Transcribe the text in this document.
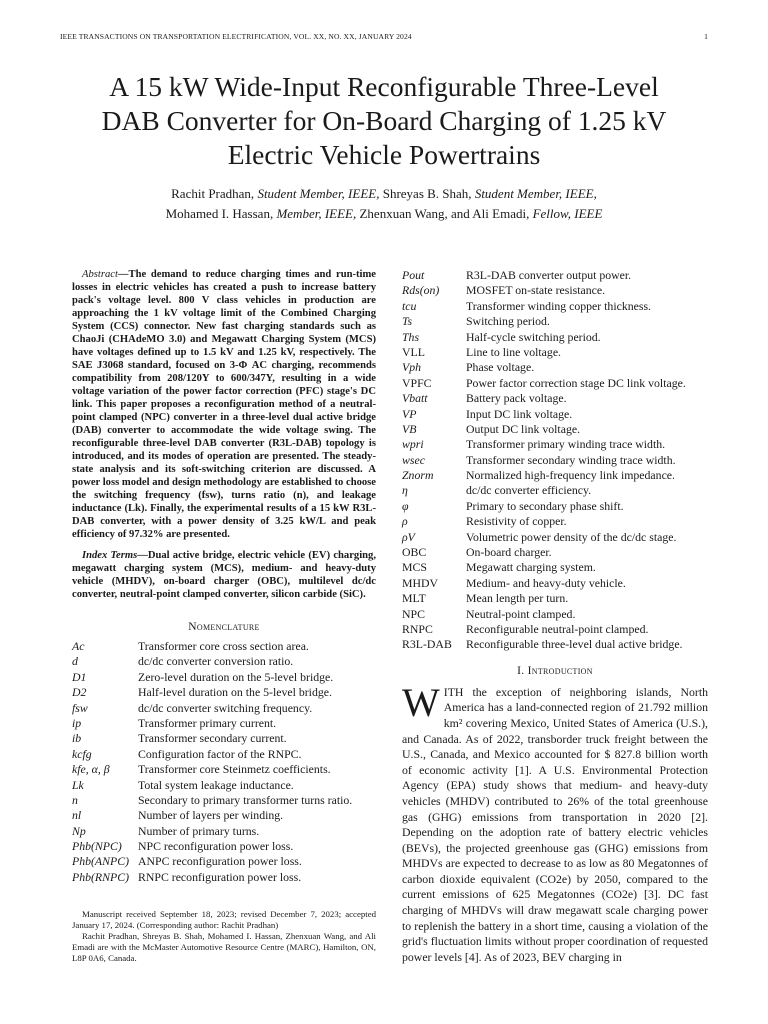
IEEE TRANSACTIONS ON TRANSPORTATION ELECTRIFICATION, VOL. XX, NO. XX, JANUARY 2024	1
A 15 kW Wide-Input Reconfigurable Three-Level
DAB Converter for On-Board Charging of 1.25 kV
Electric Vehicle Powertrains
Rachit Pradhan, Student Member, IEEE, Shreyas B. Shah, Student Member, IEEE,
Mohamed I. Hassan, Member, IEEE, Zhenxuan Wang, and Ali Emadi, Fellow, IEEE

Abstract—The demand to reduce charging times and run-time losses in electric vehicles has created a push to increase battery pack's voltage level. 800 V class vehicles in production are approaching the 1 kV voltage limit of the Combined Charging System (CCS) connector. New fast charging standards such as ChaoJi (CHAdeMO 3.0) and Megawatt Charging System (MCS) have voltages defined up to 1.5 kV and 1.25 kV, respectively. The SAE J3068 standard, focused on 3-Φ AC charging, recommends compatibility from 208/120Y to 600/347Y, resulting in a wide voltage variation of the power factor correction (PFC) stage's DC link. This paper proposes a reconfiguration method of a neutral-point clamped (NPC) converter in a three-level dual active bridge (DAB) converter to accommodate the wide voltage swing. The reconfigurable three-level DAB converter (R3L-DAB) topology is introduced, and its modes of operation are presented. The steady-state analysis and its soft-switching criterion are discussed. A power loss model and design methodology are established to choose the switching frequency (fsw), turns ratio (n), and leakage inductance (Lk). Finally, the experimental results of a 15 kW R3L-DAB converter, with a power density of 3.25 kW/L and peak efficiency of 97.32% are presented.

Index Terms—Dual active bridge, electric vehicle (EV) charging, megawatt charging system (MCS), medium- and heavy-duty vehicle (MHDV), on-board charger (OBC), multilevel dc/dc converter, neutral-point clamped converter, silicon carbide (SiC).

Nomenclature
Ac	Transformer core cross section area.
d	dc/dc converter conversion ratio.
D1	Zero-level duration on the 5-level bridge.
D2	Half-level duration on the 5-level bridge.
fsw	dc/dc converter switching frequency.
ip	Transformer primary current.
ib	Transformer secondary current.
kcfg	Configuration factor of the RNPC.
kfe, α, β	Transformer core Steinmetz coefficients.
Lk	Total system leakage inductance.
n	Secondary to primary transformer turns ratio.
nl	Number of layers per winding.
Np	Number of primary turns.
Phb(NPC)	NPC reconfiguration power loss.
Phb(ANPC) ANPC reconfiguration power loss.
Phb(RNPC) RNPC reconfiguration power loss.

Manuscript received September 18, 2023; revised December 7, 2023; accepted January 17, 2024. (Corresponding author: Rachit Pradhan)

Rachit Pradhan, Shreyas B. Shah, Mohamed I. Hassan, Zhenxuan Wang, and Ali Emadi are with the McMaster Automotive Resource Centre (MARC), Hamilton, ON, L8P 0A6, Canada.

Pout	R3L-DAB converter output power.
Rds(on)	MOSFET on-state resistance.
tcu	Transformer winding copper thickness.
Ts	Switching period.
Ths	Half-cycle switching period.
VLL	Line to line voltage.
Vph	Phase voltage.
VPFC	Power factor correction stage DC link voltage.
Vbatt	Battery pack voltage.
VP	Input DC link voltage.
VB	Output DC link voltage.
wpri	Transformer primary winding trace width.
wsec	Transformer secondary winding trace width.
Znorm	Normalized high-frequency link impedance.
η	dc/dc converter efficiency.
φ	Primary to secondary phase shift.
ρ	Resistivity of copper.
ρV	Volumetric power density of the dc/dc stage.
OBC	On-board charger.
MCS	Megawatt charging system.
MHDV	Medium- and heavy-duty vehicle.
MLT	Mean length per turn.
NPC	Neutral-point clamped.
RNPC	Reconfigurable neutral-point clamped.
R3L-DAB	Reconfigurable three-level dual active bridge.
I. Introduction

WITH the exception of neighboring islands, North America has a land-connected region of 21.792 million km² covering Mexico, United States of America (U.S.), and Canada. As of 2022, transborder truck freight between the U.S., Canada, and Mexico accounted for $ 827.8 billion worth of economic activity [1]. A U.S. Environmental Protection Agency (EPA) study shows that medium- and heavy-duty vehicles (MHDV) contributed to 26% of the total greenhouse gas (GHG) emissions from transportation in 2020 [2]. Depending on the adoption rate of battery electric vehicles (BEVs), the projected greenhouse gas (GHG) emissions from MHDVs are expected to decrease to as low as 80 Megatonnes of carbon dioxide equivalent (CO2e) by 2050, compared to the current emissions of 625 Megatonnes (CO2e) [3]. DC fast charging of MHDVs will draw megawatt scale charging power to replenish the battery in a short time, causing a violation of the grid's fluctuation limits without proper coordination of requested power levels [4]. As of 2023, BEV charging in
